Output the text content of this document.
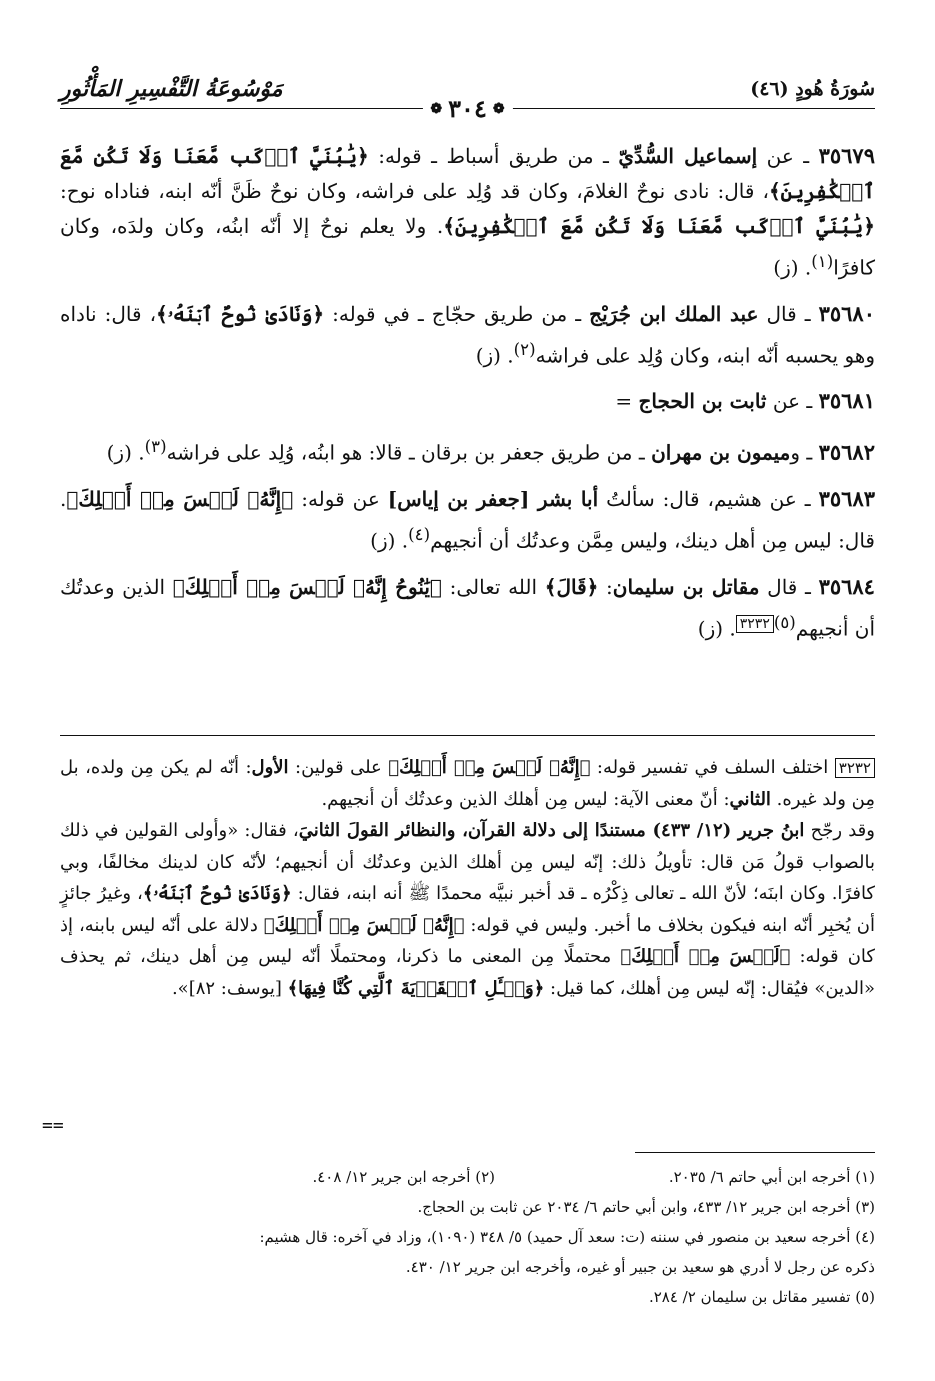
سُورَةُ هُودٍ (٤٦)
❁
٣٠٤
❁
مَوْسُوعَةُ التَّفْسِيرِ المَأْثُورِ
٣٥٦٧٩ ـ عن إسماعيل السُّدِّيّ ـ من طريق أسباط ـ قوله: ﴿يَٰبُنَيَّ ٱرۡكَب مَّعَنَا وَلَا تَكُن مَّعَ ٱلۡكَٰفِرِينَ﴾، قال: نادى نوحٌ الغلامَ، وكان قد وُلِد على فراشه، وكان نوحٌ ظَنَّ أنّه ابنه، فناداه نوح: ﴿يَٰبُنَيَّ ٱرۡكَب مَّعَنَا وَلَا تَكُن مَّعَ ٱلۡكَٰفِرِينَ﴾. ولا يعلم نوحٌ إلا أنّه ابنُه، وكان ولدَه، وكان كافرًا$^{(١)}$. (ز)
٣٥٦٨٠ ـ قال عبد الملك ابن جُرَيْج ـ من طريق حجّاج ـ في قوله: ﴿وَنَادَىٰ نُوحٌ ٱبۡنَهُۥ﴾، قال: ناداه وهو يحسبه أنّه ابنه، وكان وُلِد على فراشه$^{(٢)}$. (ز)
٣٥٦٨١ ـ عن ثابت بن الحجاج =
٣٥٦٨٢ ـ وميمون بن مهران ـ من طريق جعفر بن برقان ـ قالا: هو ابنُه، وُلِد على فراشه$^{(٣)}$. (ز)
٣٥٦٨٣ ـ عن هشيم، قال: سألتُ أبا بشر [جعفر بن إياس] عن قوله: ﴿إِنَّهُۥ لَيۡسَ مِنۡ أَهۡلِكَ﴾. قال: ليس مِن أهل دينك، وليس مِمَّن وعدتُك أن أنجيهم$^{(٤)}$. (ز)
٣٥٦٨٤ ـ قال مقاتل بن سليمان: ﴿قَالَ﴾ الله تعالى: ﴿يَٰنُوحُ إِنَّهُۥ لَيۡسَ مِنۡ أَهۡلِكَ﴾ الذين وعدتُك أن أنجيهم$^{(٥)}$٣٢٣٢. (ز)
٣٢٣٢ اختلف السلف في تفسير قوله: ﴿إِنَّهُۥ لَيۡسَ مِنۡ أَهۡلِكَ﴾ على قولين: الأول: أنّه لم يكن مِن ولده، بل مِن ولد غيره. الثاني: أنّ معنى الآية: ليس مِن أهلك الذين وعدتُك أن أنجيهم.
وقد رجّح ابنُ جرير (١٢/ ٤٣٣) مستندًا إلى دلالة القرآن، والنظائر القولَ الثانيَ، فقال: «وأولى القولين في ذلك بالصواب قولُ مَن قال: تأويلُ ذلك: إنّه ليس مِن أهلك الذين وعدتُك أن أنجيهم؛ لأنّه كان لدينك مخالفًا، وبي كافرًا. وكان ابنَه؛ لأنّ الله ـ تعالى ذِكْرُه ـ قد أخبر نبيَّه محمدًا ﷺ أنه ابنه، فقال: ﴿وَنَادَىٰ نُوحٌ ٱبۡنَهُۥ﴾، وغيرُ جائزٍ أن يُخبِر أنّه ابنه فيكون بخلاف ما أخبر. وليس في قوله: ﴿إِنَّهُۥ لَيۡسَ مِنۡ أَهۡلِكَ﴾ دلالة على أنّه ليس بابنه، إذ كان قوله: ﴿لَيۡسَ مِنۡ أَهۡلِكَ﴾ محتملًا مِن المعنى ما ذكرنا، ومحتملًا أنّه ليس مِن أهل دينك، ثم يحذف «الدين» فيُقال: إنّه ليس مِن أهلك، كما قيل: ﴿وَسۡـَٔلِ ٱلۡقَرۡيَةَ ٱلَّتِي كُنَّا فِيهَا﴾ [يوسف: ٨٢]».
(١) أخرجه ابن أبي حاتم ٦/ ٢٠٣٥.
(٢) أخرجه ابن جرير ١٢/ ٤٠٨.
(٣) أخرجه ابن جرير ١٢/ ٤٣٣، وابن أبي حاتم ٦/ ٢٠٣٤ عن ثابت بن الحجاج.
(٤) أخرجه سعيد بن منصور في سننه (ت: سعد آل حميد) ٥/ ٣٤٨ (١٠٩٠)، وزاد في آخره: قال هشيم:
ذكره عن رجل لا أدري هو سعيد بن جبير أو غيره، وأخرجه ابن جرير ١٢/ ٤٣٠.
(٥) تفسير مقاتل بن سليمان ٢/ ٢٨٤.
==
